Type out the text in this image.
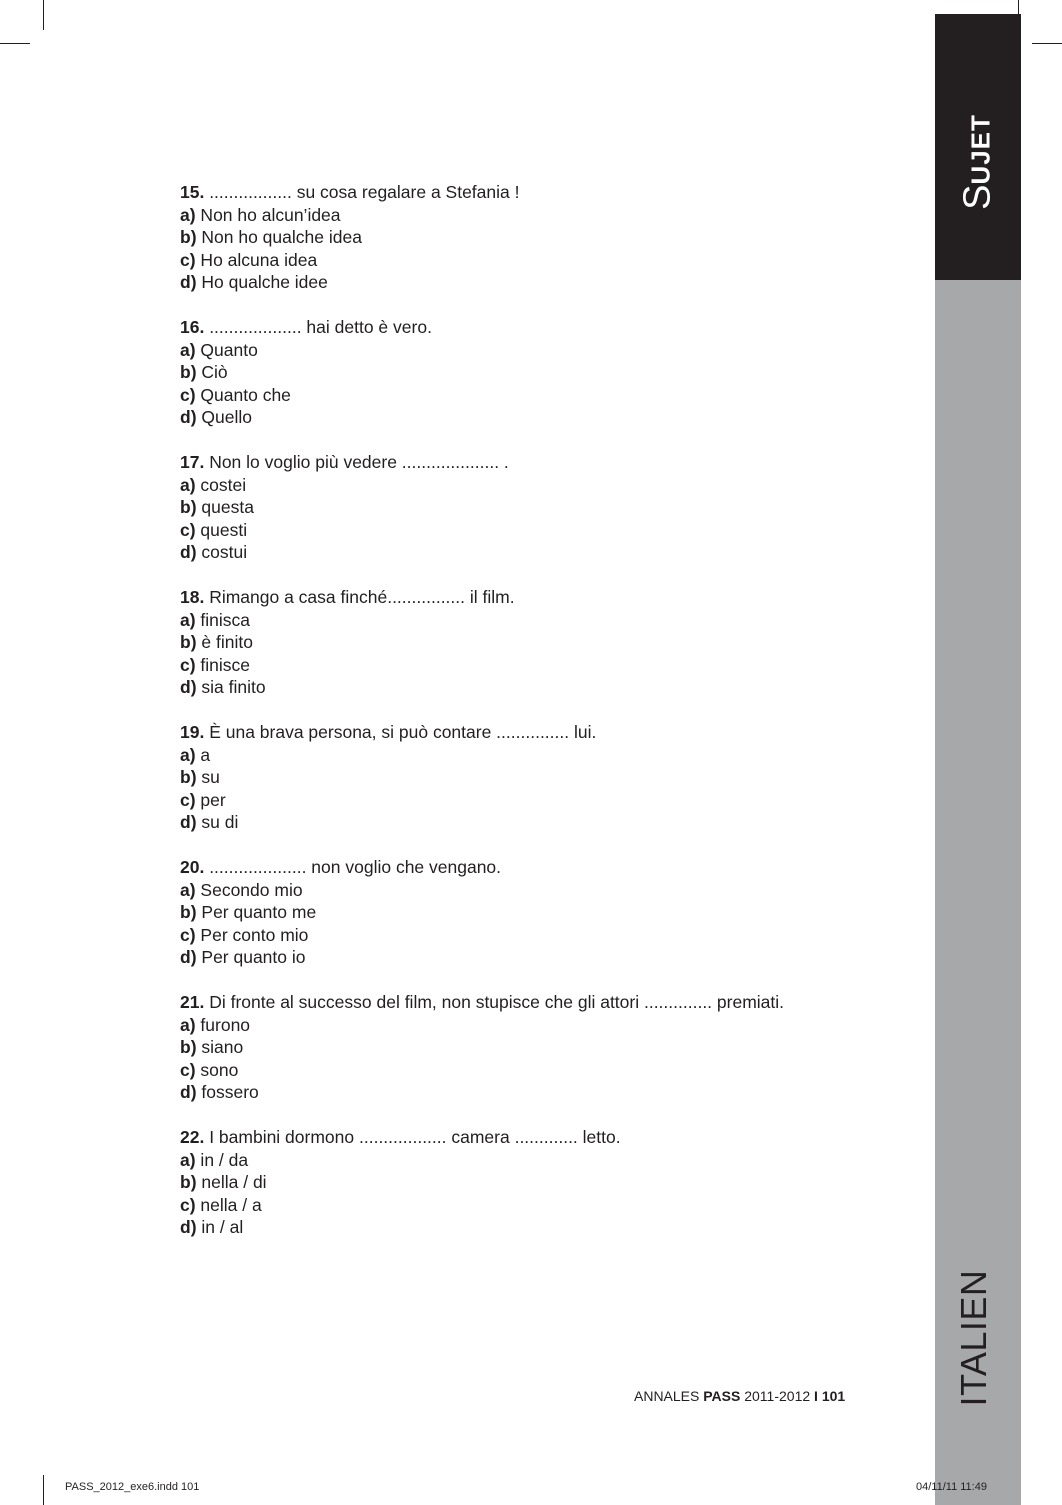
SUJET
ITALIEN
15. ................. su cosa regalare a Stefania !
a) Non ho alcun’idea
b) Non ho qualche idea
c) Ho alcuna idea
d) Ho qualche idee
16. ................... hai detto è vero.
a) Quanto
b) Ciò
c) Quanto che
d) Quello
17. Non lo voglio più vedere .................... .
a) costei
b) questa
c) questi
d) costui
18. Rimango a casa finché................ il film.
a) finisca
b) è finito
c) finisce
d) sia finito
19. È una brava persona, si può contare ............... lui.
a) a
b) su
c) per
d) su di
20. .................... non voglio che vengano.
a) Secondo mio
b) Per quanto me
c) Per conto mio
d) Per quanto io
21. Di fronte al successo del film, non stupisce che gli attori .............. premiati.
a) furono
b) siano
c) sono
d) fossero
22. I bambini dormono .................. camera ............. letto.
a) in / da
b) nella / di
c) nella / a
d) in / al
ANNALES PASS 2011-2012 I 101
PASS_2012_exe6.indd 101	04/11/11 11:49
